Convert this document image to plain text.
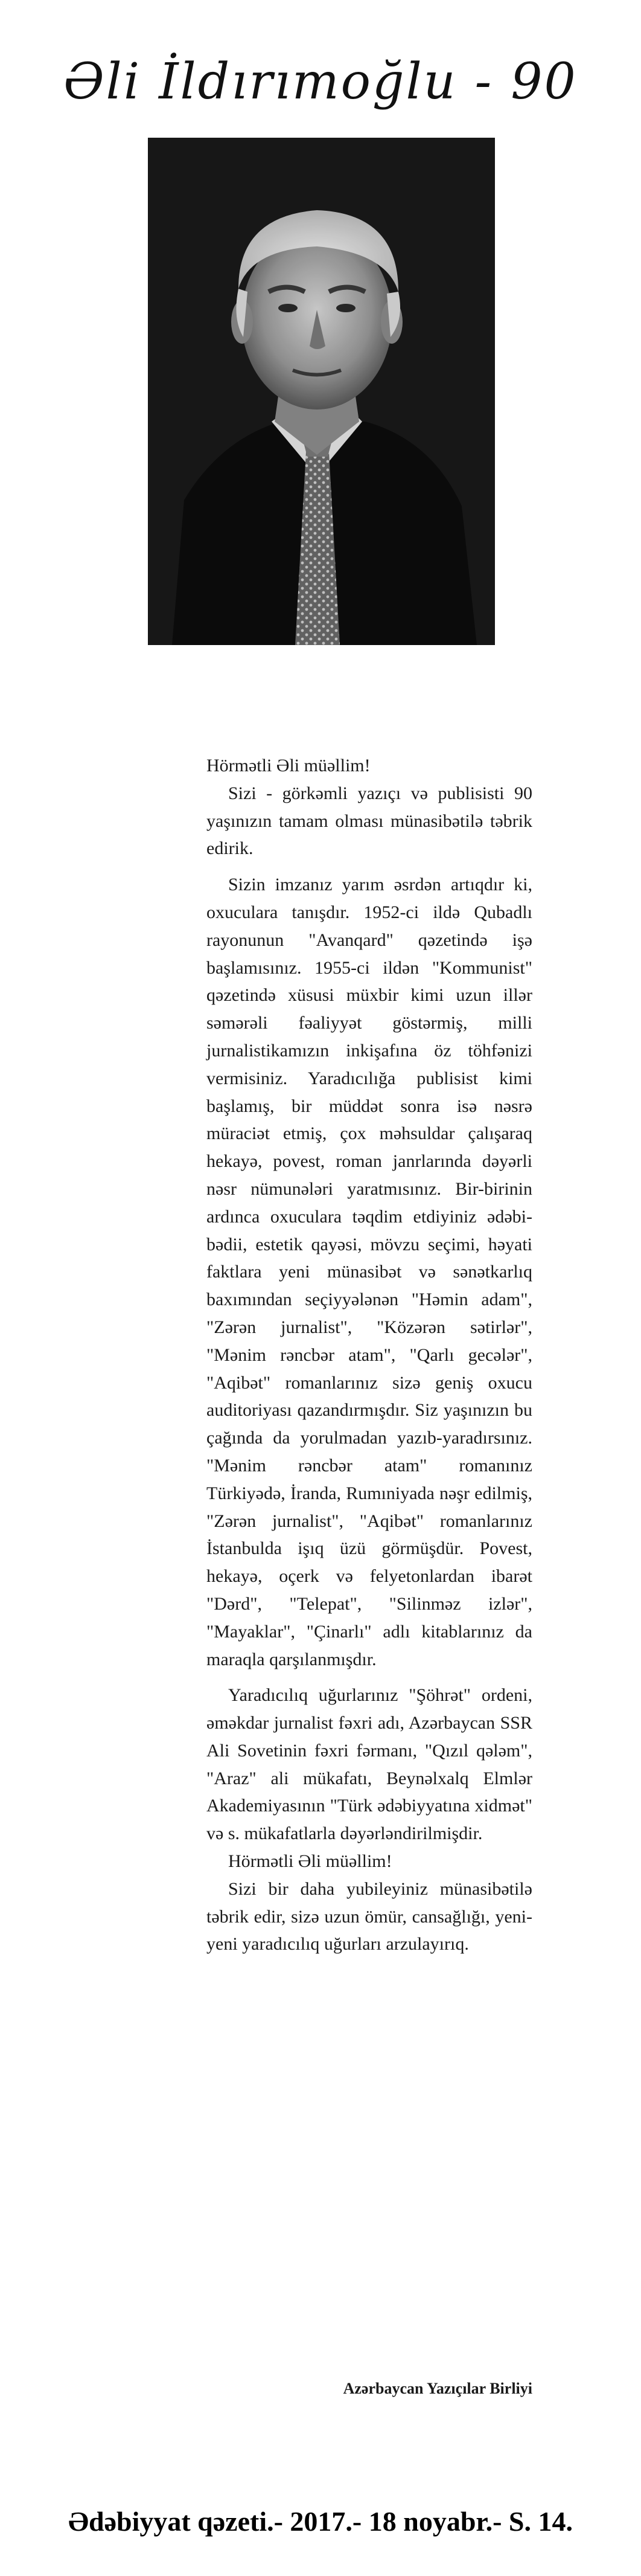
Əli İldırımoğlu - 90

Hörmətli Əli müəllim!

Sizi - görkəmli yazıçı və publisisti 90 yaşınızın tamam olması münasibətilə təbrik edirik.

Sizin imzanız yarım əsrdən artıqdır ki, oxuculara tanışdır. 1952-ci ildə Qubadlı rayonunun "Avanqard" qəzetində işə başlamısınız. 1955-ci ildən "Kommunist" qəzetində xüsusi müxbir kimi uzun illər səmərəli fəaliyyət göstərmiş, milli jurnalistikamızın inkişafına öz töhfənizi vermisiniz. Yaradıcılığa publisist kimi başlamış, bir müddət sonra isə nəsrə müraciət etmiş, çox məhsuldar çalışaraq hekayə, povest, roman janrlarında dəyərli nəsr nümunələri yaratmısınız. Bir-birinin ardınca oxuculara təqdim etdiyiniz ədəbi-bədii, estetik qayəsi, mövzu seçimi, həyati faktlara yeni münasibət və sənətkarlıq baxımından seçiyyələnən "Həmin adam", "Zərən jurnalist", "Közərən sətirlər", "Mənim rəncbər atam", "Qarlı gecələr", "Aqibət" romanlarınız sizə geniş oxucu auditoriyası qazandırmışdır. Siz yaşınızın bu çağında da yorulmadan yazıb-yaradırsınız. "Mənim rəncbər atam" romanınız Türkiyədə, İranda, Rumıniyada nəşr edilmiş, "Zərən jurnalist", "Aqibət" romanlarınız İstanbulda işıq üzü görmüşdür. Povest, hekayə, oçerk və felyetonlardan ibarət "Dərd", "Telepat", "Silinməz izlər", "Mayaklar", "Çinarlı" adlı kitablarınız da maraqla qarşılanmışdır.

Yaradıcılıq uğurlarınız "Şöhrət" ordeni, əməkdar jurnalist fəxri adı, Azərbaycan SSR Ali Sovetinin fəxri fərmanı, "Qızıl qələm", "Araz" ali mükafatı, Beynəlxalq Elmlər Akademiyasının "Türk ədəbiyyatına xidmət" və s. mükafatlarla dəyərləndirilmişdir.

Hörmətli Əli müəllim!

Sizi bir daha yubileyiniz münasibətilə təbrik edir, sizə uzun ömür, cansağlığı, yeni-yeni yaradıcılıq uğurları arzulayırıq.

Azərbaycan Yazıçılar Birliyi
Ədəbiyyat qəzeti.- 2017.- 18 noyabr.- S. 14.
